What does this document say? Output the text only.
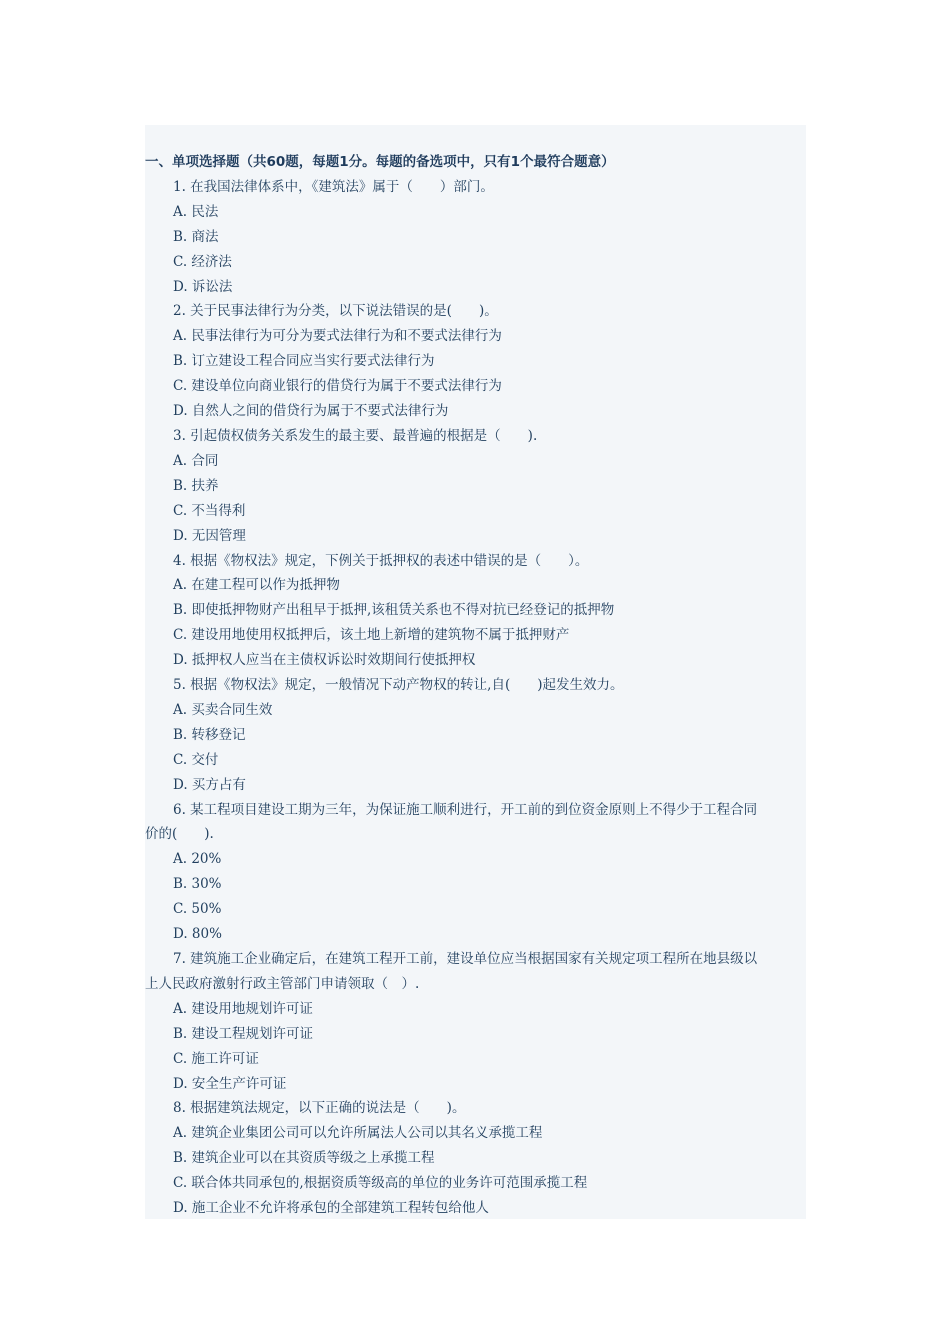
一、单项选择题（共60题，每题1分。每题的备选项中，只有1个最符合题意）
1. 在我国法律体系中，《建筑法》属于（　　）部门。
A. 民法
B. 商法
C. 经济法
D. 诉讼法
2. 关于民事法律行为分类，以下说法错误的是(　　)。
A. 民事法律行为可分为要式法律行为和不要式法律行为
B. 订立建设工程合同应当实行要式法律行为
C. 建设单位向商业银行的借贷行为属于不要式法律行为
D. 自然人之间的借贷行为属于不要式法律行为
3. 引起债权债务关系发生的最主要、最普遍的根据是（　　).
A. 合同
B. 扶养
C. 不当得利
D. 无因管理
4. 根据《物权法》规定，下例关于抵押权的表述中错误的是（　　）。
A. 在建工程可以作为抵押物
B. 即使抵押物财产出租早于抵押,该租赁关系也不得对抗已经登记的抵押物
C. 建设用地使用权抵押后，该土地上新增的建筑物不属于抵押财产
D. 抵押权人应当在主债权诉讼时效期间行使抵押权
5. 根据《物权法》规定，一般情况下动产物权的转让,自(　　)起发生效力。
A. 买卖合同生效
B. 转移登记
C. 交付
D. 买方占有
6. 某工程项目建设工期为三年，为保证施工顺利进行，开工前的到位资金原则上不得少于工程合同
价的(　　).
A. 20%
B. 30%
C. 50%
D. 80%
7. 建筑施工企业确定后，在建筑工程开工前，建设单位应当根据国家有关规定项工程所在地县级以
上人民政府激射行政主管部门申请领取（　）.
A. 建设用地规划许可证
B. 建设工程规划许可证
C. 施工许可证
D. 安全生产许可证
8. 根据建筑法规定，以下正确的说法是（　　)。
A. 建筑企业集团公司可以允许所属法人公司以其名义承揽工程
B. 建筑企业可以在其资质等级之上承揽工程
C. 联合体共同承包的,根据资质等级高的单位的业务许可范围承揽工程
D. 施工企业不允许将承包的全部建筑工程转包给他人
